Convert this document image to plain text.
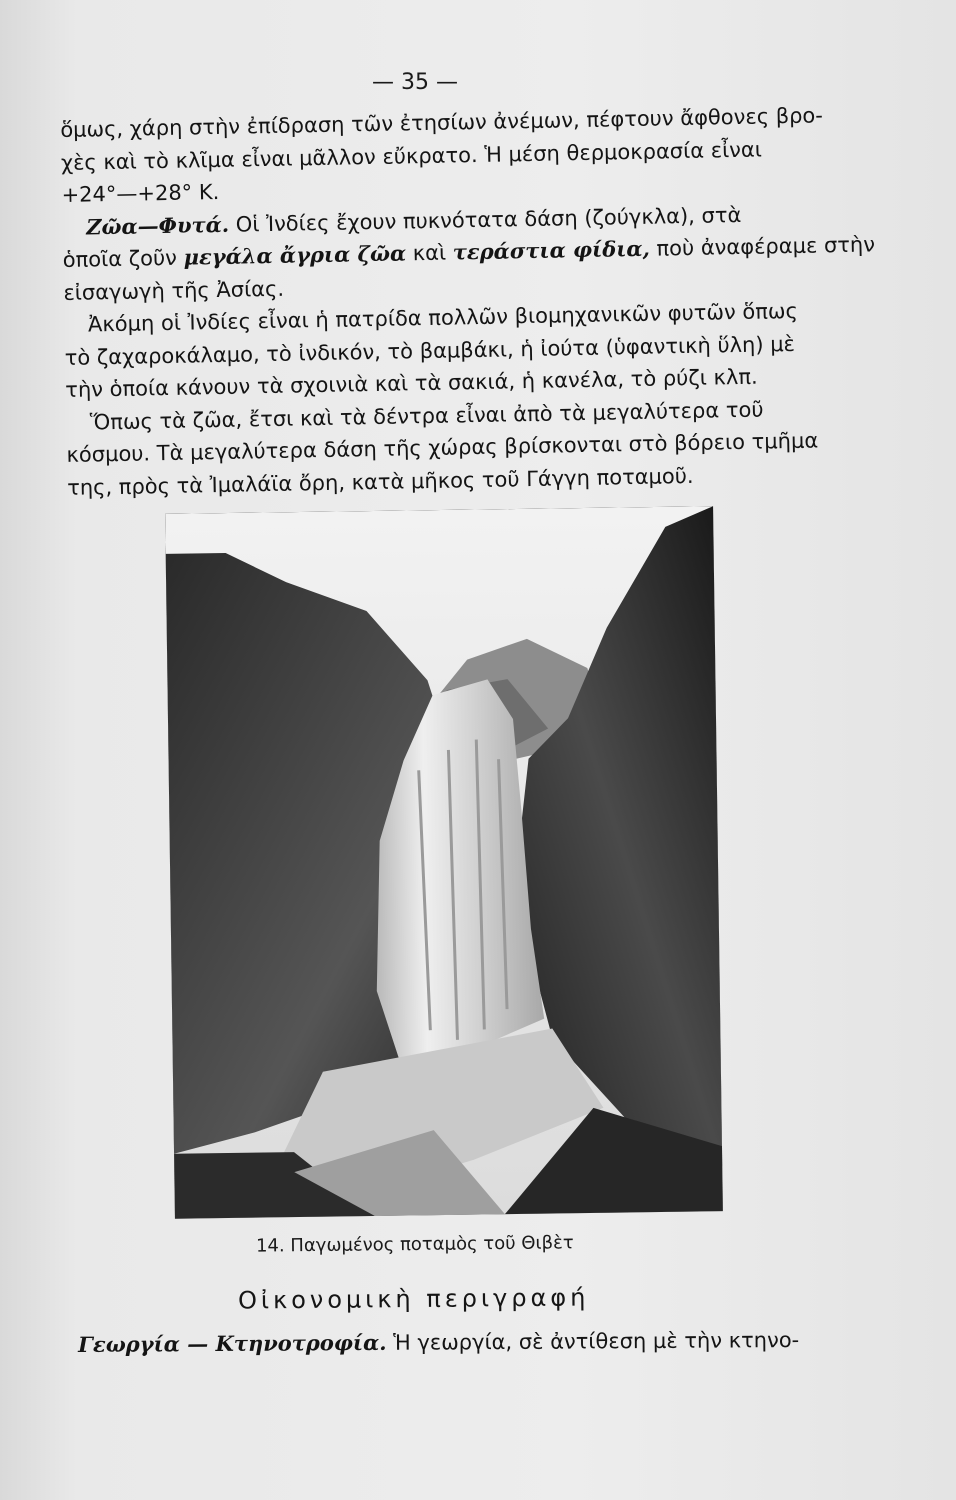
— 35 —
ὅμως, χάρη στὴν ἐπίδραση τῶν ἐτησίων ἀνέμων, πέφτουν ἄφθονες βρο-
χὲς καὶ τὸ κλῖμα εἶναι μᾶλλον εὔκρατο. Ἡ μέση θερμοκρασία εἶναι
+24°—+28° Κ.
Ζῶα—Φυτά. Οἱ Ἰνδίες ἔχουν πυκνότατα δάση (ζούγκλα), στὰ
ὁποῖα ζοῦν μεγάλα ἄγρια ζῶα καὶ τεράστια φίδια, ποὺ ἀναφέραμε στὴν
εἰσαγωγὴ τῆς Ἀσίας.
Ἀκόμη οἱ Ἰνδίες εἶναι ἡ πατρίδα πολλῶν βιομηχανικῶν φυτῶν ὅπως
τὸ ζαχαροκάλαμο, τὸ ἰνδικόν, τὸ βαμβάκι, ἡ ἰούτα (ὑφαντικὴ ὕλη) μὲ
τὴν ὁποία κάνουν τὰ σχοινιὰ καὶ τὰ σακιά, ἡ κανέλα, τὸ ρύζι κλπ.
Ὅπως τὰ ζῶα, ἔτσι καὶ τὰ δέντρα εἶναι ἀπὸ τὰ μεγαλύτερα τοῦ
κόσμου. Τὰ μεγαλύτερα δάση τῆς χώρας βρίσκονται στὸ βόρειο τμῆμα
της, πρὸς τὰ Ἰμαλάϊα ὄρη, κατὰ μῆκος τοῦ Γάγγη ποταμοῦ.
14. Παγωμένος ποταμὸς τοῦ Θιβὲτ
Οἰκονομικὴ περιγραφή
Γεωργία — Κτηνοτροφία. Ἡ γεωργία, σὲ ἀντίθεση μὲ τὴν κτηνο-
